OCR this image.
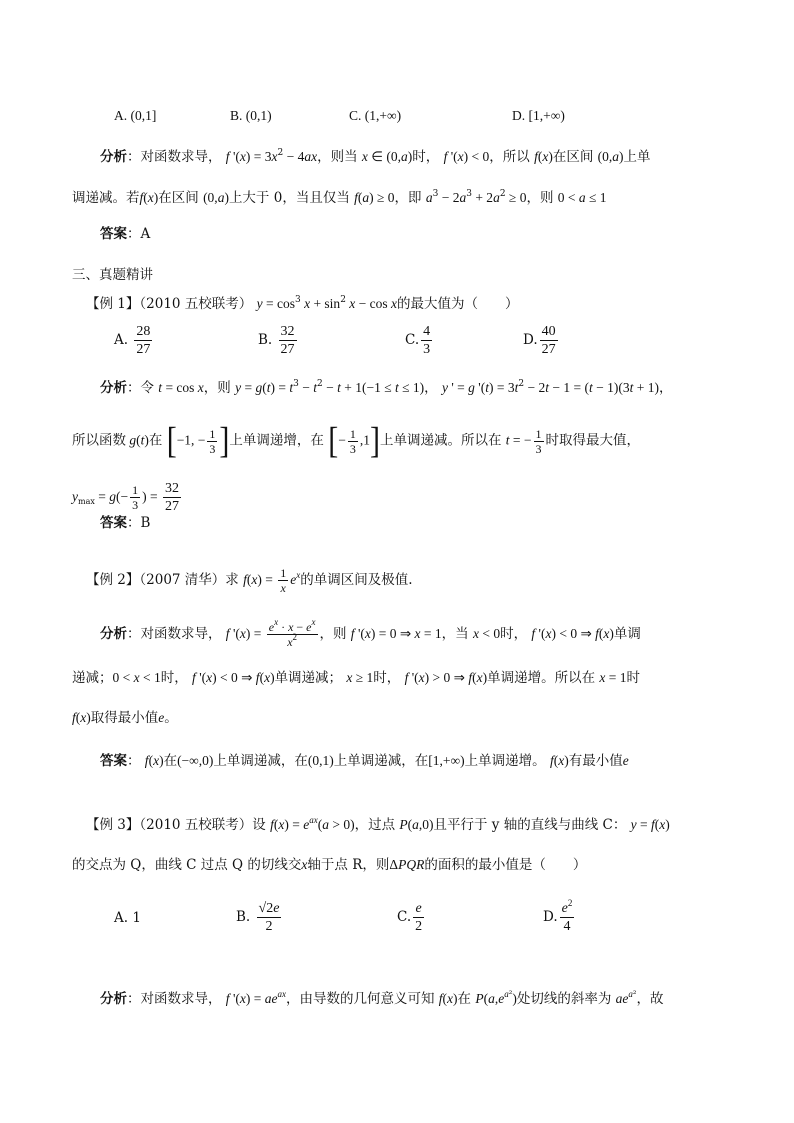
A. (0,1]	B. (0,1)	C. (1,+∞)	D. [1,+∞)
分析：对函数求导， f '$(x) = 3x^2 - 4ax$，则当 x ∈ (0,a)时， f '(x) < 0，所以 f(x)在区间 (0,a)上单
调递减。若f(x)在区间 (0,a)上大于 0，当且仅当 f(a) ≥ 0，即 $a^3 - 2a^3 + 2a^2 \ge 0$，则 0 < a ≤ 1
答案：A
三、真题精讲
【例 1】（2010 五校联考） $y = \cos^3 x + \sin^2 x - \cos x$的最大值为（　　）
A. $\frac{28}{27}$	B. $\frac{32}{27}$	C. $\frac{4}{3}$	D. $\frac{40}{27}$
分析：令 t = cos x，则 $y = g(t) = t^3 - t^2 - t + 1(-1 \le t \le 1)$， y ' = g '$(t) = 3t^2 - 2t - 1 = (t - 1)(3t + 1)$，
所以函数 g(t)在 [−1, − $\frac{1}{3}$ ]上单调递增，在 [− $\frac{1}{3} ,1$]上单调递减。所以在 t = − $\frac{1}{3}$ 时取得最大值，
$y_{max} = g(- \frac{1}{3}$ ) = $\frac{32}{27}$
答案：B
【例 2】（2007 清华）求 $f(x) = \frac{1}{x} e^x$的单调区间及极值.
分析：对函数求导， f '$(x) = \frac{e^x \cdot x - e^x}{x^2}$ ，则 f '(x) = 0 ⇒ x = 1，当 x < 0时， f '(x) < 0 ⇒ f(x)单调
递减；0 < x < 1时， f '(x) < 0 ⇒ f(x)单调递减； x ≥ 1时， f '(x) > 0 ⇒ f(x)单调递增。所以在 x = 1时
f(x)取得最小值e。
答案： f(x)在(−∞,0)上单调递减，在(0,1)上单调递减，在[1,+∞)上单调递增。 f(x)有最小值e
【例 3】（2010 五校联考）设 $f(x) = e^{ax}(a > 0)$，过点 P(a,0)且平行于 y 轴的直线与曲线 C： y = f(x)
的交点为 Q，曲线 C 过点 Q 的切线交x轴于点 R，则ΔPQR的面积的最小值是（　　）
A. 1	B. $\frac{√2e}{2}$	C. $\frac{e}{2}$	D. $\frac{e^2}{4}$
分析：对函数求导， f '$(x) = ae^{ax}$，由导数的几何意义可知 f(x)在 $P(a,e^{a^2})$处切线的斜率为 $ae^{a^2}$，故
